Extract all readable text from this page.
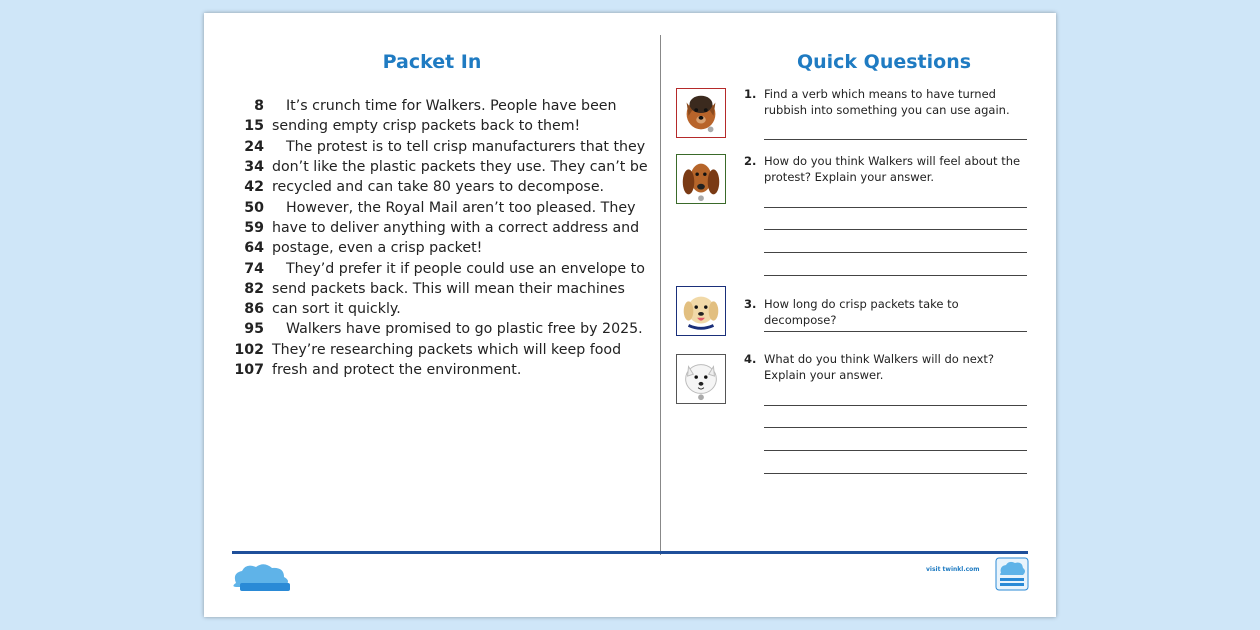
Packet In
8	It’s crunch time for Walkers. People have been
15 sending empty crisp packets back to them!
24	The protest is to tell crisp manufacturers that they
34 don’t like the plastic packets they use. They can’t be
42 recycled and can take 80 years to decompose.
50	However, the Royal Mail aren’t too pleased. They
59 have to deliver anything with a correct address and
64 postage, even a crisp packet!
74	They’d prefer it if people could use an envelope to
82 send packets back. This will mean their machines
86 can sort it quickly.
95	Walkers have promised to go plastic free by 2025.
102 They’re researching packets which will keep food
107 fresh and protect the environment.
Quick Questions
1. Find a verb which means to have turned rubbish into something you can use again.
2. How do you think Walkers will feel about the protest? Explain your answer.
3. How long do crisp packets take to decompose?
4. What do you think Walkers will do next? Explain your answer.
visit twinkl.com
